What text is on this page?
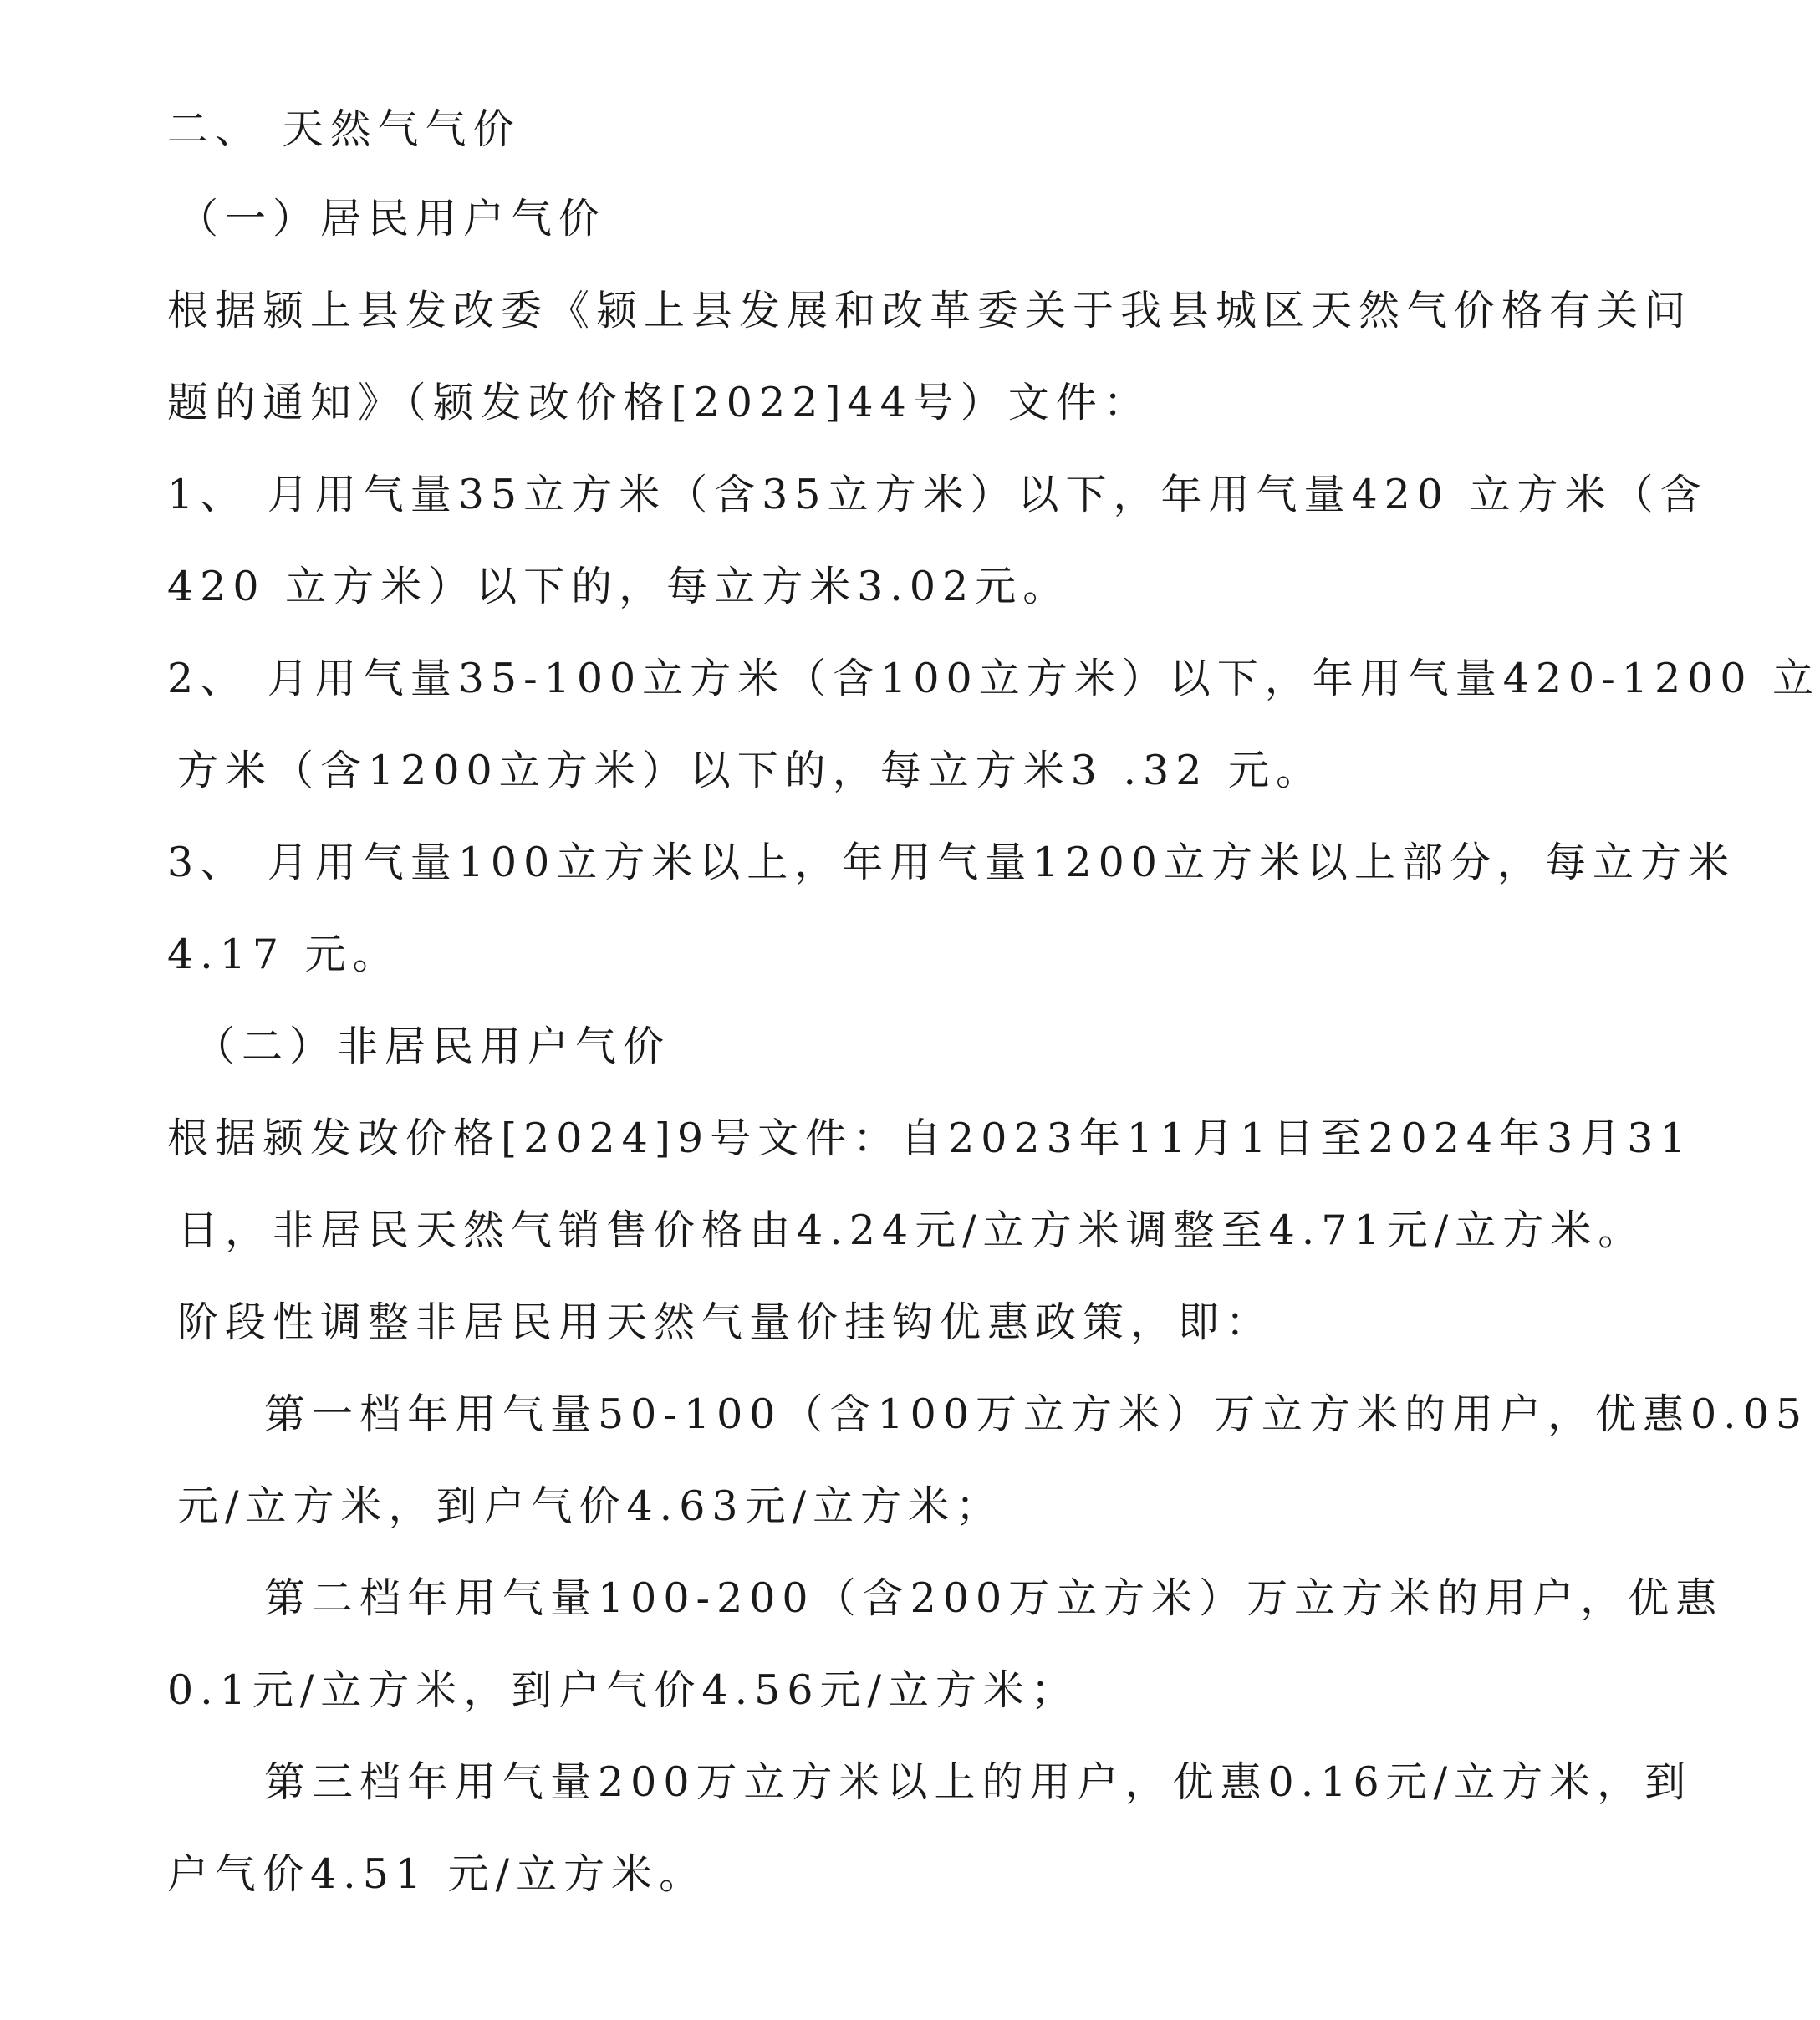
二、 天然气气价
（一）居民用户气价
根据颍上县发改委《颍上县发展和改革委关于我县城区天然气价格有关问
题的通知》（颍发改价格[2022]44号）文件：
1、 月用气量35立方米（含35立方米）以下，年用气量420 立方米（含
420 立方米）以下的，每立方米3.02元。
2、 月用气量35-100立方米（含100立方米）以下，年用气量420-1200 立
方米（含1200立方米）以下的，每立方米3 .32 元。
3、 月用气量100立方米以上，年用气量1200立方米以上部分，每立方米
4.17 元。
（二）非居民用户气价
根据颍发改价格[2024]9号文件：自2023年11月1日至2024年3月31
日，非居民天然气销售价格由4.24元/立方米调整至4.71元/立方米。
阶段性调整非居民用天然气量价挂钩优惠政策，即：
第一档年用气量50-100（含100万立方米）万立方米的用户，优惠0.05
元/立方米，到户气价4.63元/立方米；
第二档年用气量100-200（含200万立方米）万立方米的用户，优惠
0.1元/立方米，到户气价4.56元/立方米；
第三档年用气量200万立方米以上的用户，优惠0.16元/立方米，到
户气价4.51 元/立方米。
